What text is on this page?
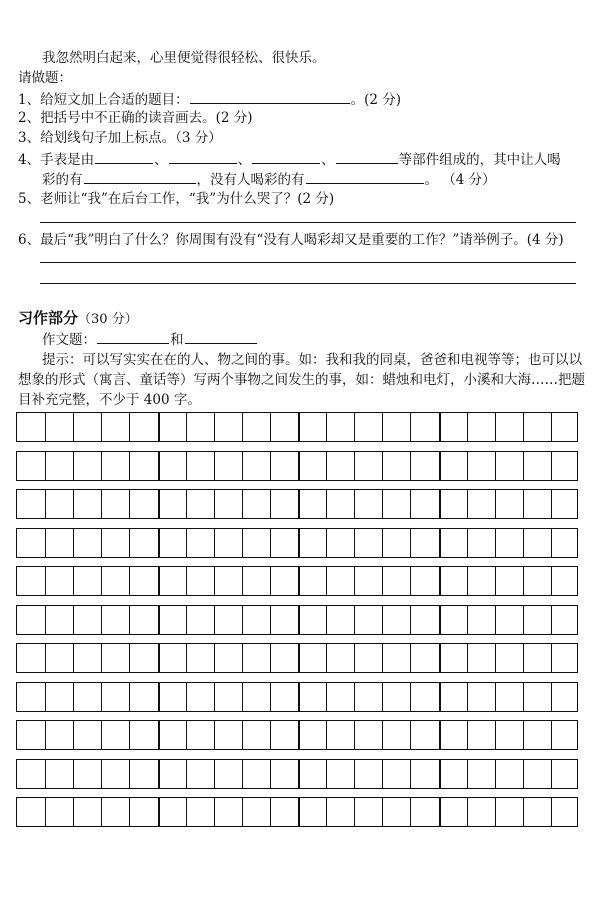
我忽然明白起来，心里便觉得很轻松、很快乐。
请做题：
1、给短文加上合适的题目：	。(2 分)
2、把括号中不正确的读音画去。(2 分)
3、给划线句子加上标点。（3 分）
4、手表是由	、	、	、	等部件组成的，其中让人喝
彩的有	，没有人喝彩的有	。 （4 分）
5、老师让“我”在后台工作，“我”为什么哭了？(2 分)
6、最后“我”明白了什么？你周围有没有“没有人喝彩却又是重要的工作？”请举例子。(4 分)
习作部分（30 分）
作文题：	和
提示：可以写实实在在的人、物之间的事。如：我和我的同桌，爸爸和电视等等；也可以以
想象的形式（寓言、童话等）写两个事物之间发生的事，如：蜡烛和电灯，小溪和大海……把题
目补充完整，不少于 400 字。
